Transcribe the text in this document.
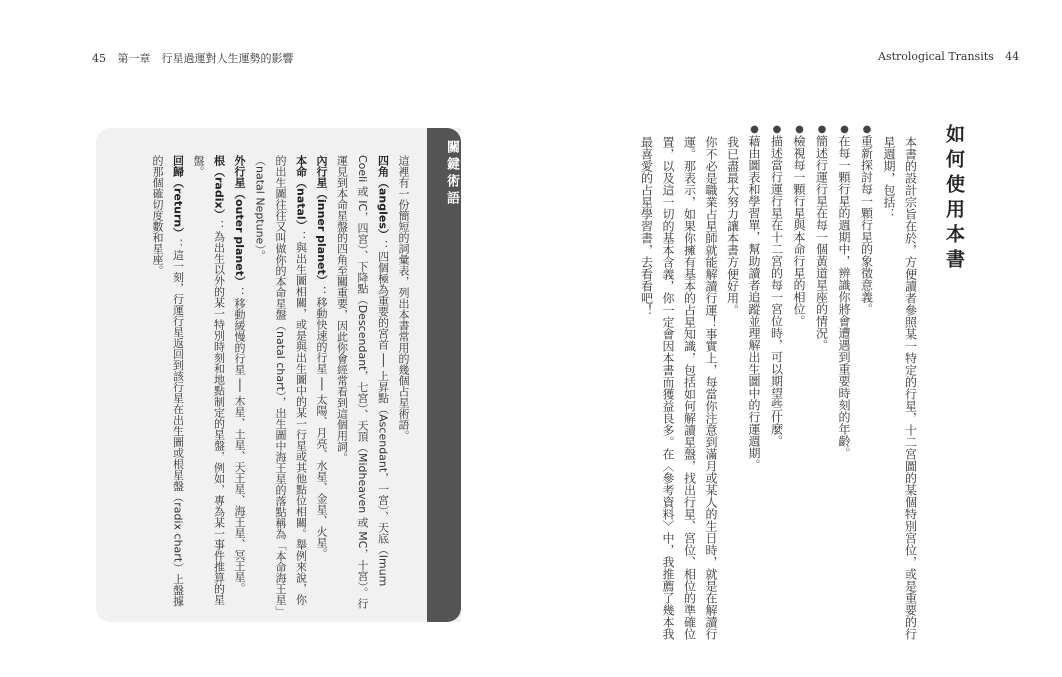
45 第一章　行星過運對人生運勢的影響	Astrological Transits 44
關鍵術語

這裡有一份簡短的詞彙表，列出本書常用的幾個占星術語。

四角（angles）：四個極為重要的宮首 ── 上昇點（Ascendant，一宮）、天底（Imum Coeli 或 IC，四宮）、下降點（Descendant，七宮）、天頂（Midheaven 或 MC，十宮）。行運見到本命星盤的四角至關重要，因此你會經常看到這個用詞。

內行星（inner planet）：移動快速的行星 ── 太陽、月亮、水星、金星、火星。

本命（natal）：與出生圖相關，或是與出生圖中的某一行星或其他點位相關。舉例來說，你的出生圖往往又叫做你的本命星盤（natal chart），出生圖中海王星的落點稱為「本命海王星」（natal Neptune）。

外行星（outer planet）：移動緩慢的行星 ── 木星、土星、天王星、海王星、冥王星。

根（radix）：為出生以外的某一特別時刻和地點制定的星盤，例如，專為某一事件推算的星盤。

回歸（return）：這一刻，行運行星返回到該行星在出生圖或根星盤（radix chart）上盤據的那個確切度數和星座。	如何使用本書

本書的設計宗旨在於，方便讀者參照某一特定的行星，十二宮圖的某個特別宮位，或是重要的行星週期，包括：

●重新探討每一顆行星的象徵意義。
●在每一顆行星的週期中，辨識你將會遭遇到重要時刻的年齡。
●簡述行運行星在每一個黃道星座的情況。
●檢視每一顆行星與本命行星的相位。
●描述當行運行星在十二宮的每一宮位時，可以期望些什麼。
●藉由圖表和學習單，幫助讀者追蹤並理解出生圖中的行運週期。

我已盡最大努力讓本書方便好用。

你不必是職業占星師就能解讀行運！事實上，每當你注意到滿月或某人的生日時，就是在解讀行運。那表示，如果你擁有基本的占星知識，包括如何解讀星盤，找出行星、宮位、相位的準確位置，以及這一切的基本含義，你一定會因本書而獲益良多。在〈參考資料〉中，我推薦了幾本我最喜愛的占星學習書，去看看吧！
